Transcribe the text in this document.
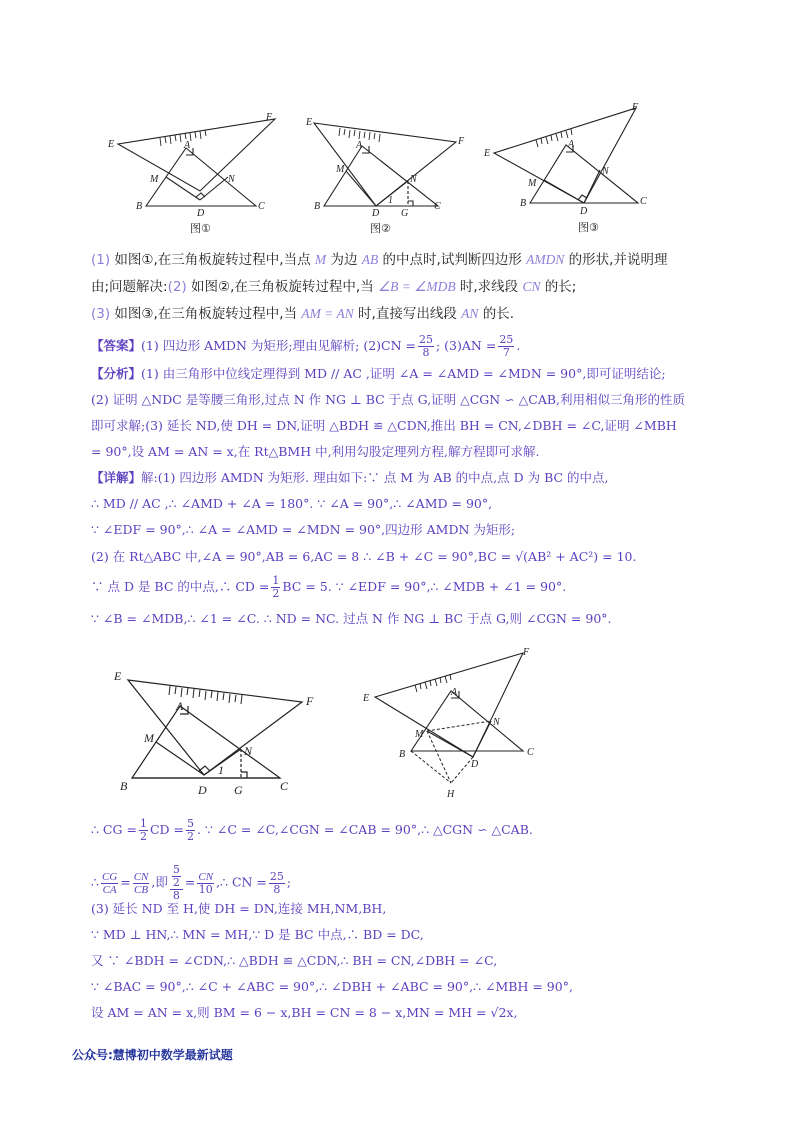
E
F
A
M	N
B
D
C
图①
E
F
A
M
N
B
D G
C
1
图②
E
F
A
M
N
B
D
C
图③
(1) 如图①,在三角板旋转过程中,当点 M 为边 AB 的中点时,试判断四边形 AMDN 的形状,并说明理
由;问题解决:(2) 如图②,在三角板旋转过程中,当 ∠B = ∠MDB 时,求线段 CN 的长;
(3) 如图③,在三角板旋转过程中,当 AM = AN 时,直接写出线段 AN 的长.
【答案】(1) 四边形 AMDN 为矩形;理由见解析; $(2)CN = \frac{25}{8}$ ; $(3)AN = \frac{25}{7}$ .
【分析】(1) 由三角形中位线定理得到 MD // AC ,证明 ∠A = ∠AMD = ∠MDN = 90°,即可证明结论;
(2) 证明 △NDC 是等腰三角形,过点 N 作 NG ⊥ BC 于点 G,证明 △CGN ∽ △CAB,利用相似三角形的性质
即可求解;(3) 延长 ND,使 DH = DN,证明 △BDH ≌ △CDN,推出 BH = CN,∠DBH = ∠C,证明 ∠MBH
= 90°,设 AM = AN = x,在 Rt△BMH 中,利用勾股定理列方程,解方程即可求解.
【详解】解:(1) 四边形 AMDN 为矩形. 理由如下:∵ 点 M 为 AB 的中点,点 D 为 BC 的中点,
∴ MD // AC ,∴ ∠AMD + ∠A = 180°. ∵ ∠A = 90°,∴ ∠AMD = 90°,
∵ ∠EDF = 90°,∴ ∠A = ∠AMD = ∠MDN = 90°,四边形 AMDN 为矩形;
(2) 在 Rt△ABC 中,∠A = 90°,AB = 6,AC = 8 ∴ ∠B + ∠C = 90°,BC = √(AB² + AC²) = 10.
∵ 点 D 是 BC 的中点,∴ CD = $\frac{1}{2}$ BC = 5. ∵ ∠EDF = 90°,∴ ∠MDB + ∠1 = 90°.
∵ ∠B = ∠MDB,∴ ∠1 = ∠C. ∴ ND = NC. 过点 N 作 NG ⊥ BC 于点 G,则 ∠CGN = 90°.
E
F
A
M
N
B	D G	C
1
E
F
A
M
N
B
D
C
H
∴ CG = $\frac{1}{2}$ CD = $\frac{5}{2}$ . ∵ ∠C = ∠C,∠CGN = ∠CAB = 90°,∴ △CGN ∽ △CAB.
∴ $\frac{CG}{CA} = \frac{CN}{CB}$ ,即 5
2
$8 = \frac{CN}{10}$ ,∴ CN = $\frac{25}{8}$ ;
(3) 延长 ND 至 H,使 DH = DN,连接 MH,NM,BH,
∵ MD ⊥ HN,∴ MN = MH,∵ D 是 BC 中点,∴ BD = DC,
又 ∵ ∠BDH = ∠CDN,∴ △BDH ≌ △CDN,∴ BH = CN,∠DBH = ∠C,
∵ ∠BAC = 90°,∴ ∠C + ∠ABC = 90°,∴ ∠DBH + ∠ABC = 90°,∴ ∠MBH = 90°,
设 AM = AN = x,则 BM = 6 − x,BH = CN = 8 − x,MN = MH = √2x,
公众号:慧博初中数学最新试题
